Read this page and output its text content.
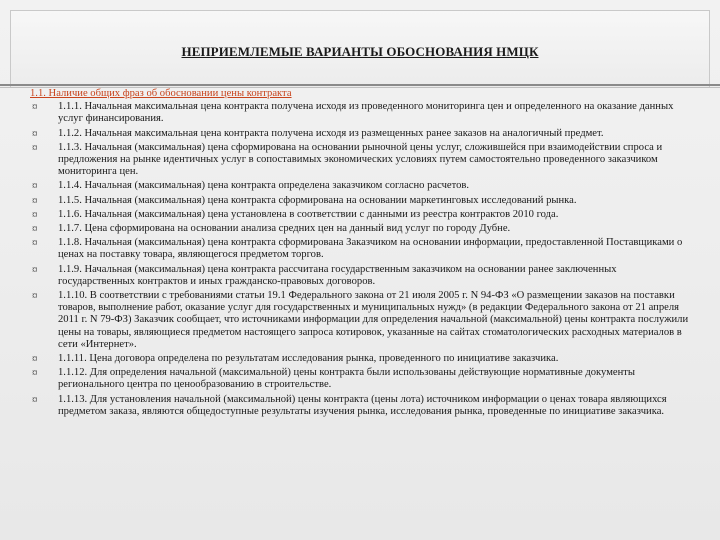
НЕПРИЕМЛЕМЫЕ ВАРИАНТЫ ОБОСНОВАНИЯ НМЦК
1.1. Наличие общих фраз об обосновании цены контракта
¤ 1.1.1. Начальная максимальная цена контракта получена исходя из проведенного мониторинга цен и определенного на оказание данных услуг финансирования.
¤ 1.1.2. Начальная максимальная цена контракта получена исходя из размещенных ранее заказов на аналогичный предмет.
¤ 1.1.3. Начальная (максимальная) цена сформирована на основании рыночной цены услуг, сложившейся при взаимодействии спроса и предложения на рынке идентичных услуг в сопоставимых экономических условиях путем самостоятельно проведенного заказчиком мониторинга цен.
¤ 1.1.4. Начальная (максимальная) цена контракта определена заказчиком согласно расчетов.
¤ 1.1.5. Начальная (максимальная) цена контракта сформирована на основании маркетинговых исследований рынка.
¤ 1.1.6. Начальная (максимальная) цена установлена в соответствии с данными из реестра контрактов 2010 года.
¤ 1.1.7. Цена сформирована на основании анализа средних цен на данный вид услуг по городу Дубне.
¤ 1.1.8. Начальная (максимальная) цена контракта сформирована Заказчиком на основании информации, предоставленной Поставщиками о ценах на поставку товара, являющегося предметом торгов.
¤ 1.1.9. Начальная (максимальная) цена контракта рассчитана государственным заказчиком на основании ранее заключенных государственных контрактов и иных гражданско-правовых договоров.
¤ 1.1.10. В соответствии с требованиями статьи 19.1 Федерального закона от 21 июля 2005 г. N 94-ФЗ «О размещении заказов на поставки товаров, выполнение работ, оказание услуг для государственных и муниципальных нужд» (в редакции Федерального закона от 21 апреля 2011 г. N 79-ФЗ) Заказчик сообщает, что источниками информации для определения начальной (максимальной) цены контракта послужили цены на товары, являющиеся предметом настоящего запроса котировок, указанные на сайтах стоматологических расходных материалов в сети «Интернет».
¤ 1.1.11. Цена договора определена по результатам исследования рынка, проведенного по инициативе заказчика.
¤ 1.1.12. Для определения начальной (максимальной) цены контракта были использованы действующие нормативные документы регионального центра по ценообразованию в строительстве.
¤ 1.1.13. Для установления начальной (максимальной) цены контракта (цены лота) источником информации о ценах товара являющихся предметом заказа, являются общедоступные результаты изучения рынка, исследования рынка, проведенные по инициативе заказчика.
